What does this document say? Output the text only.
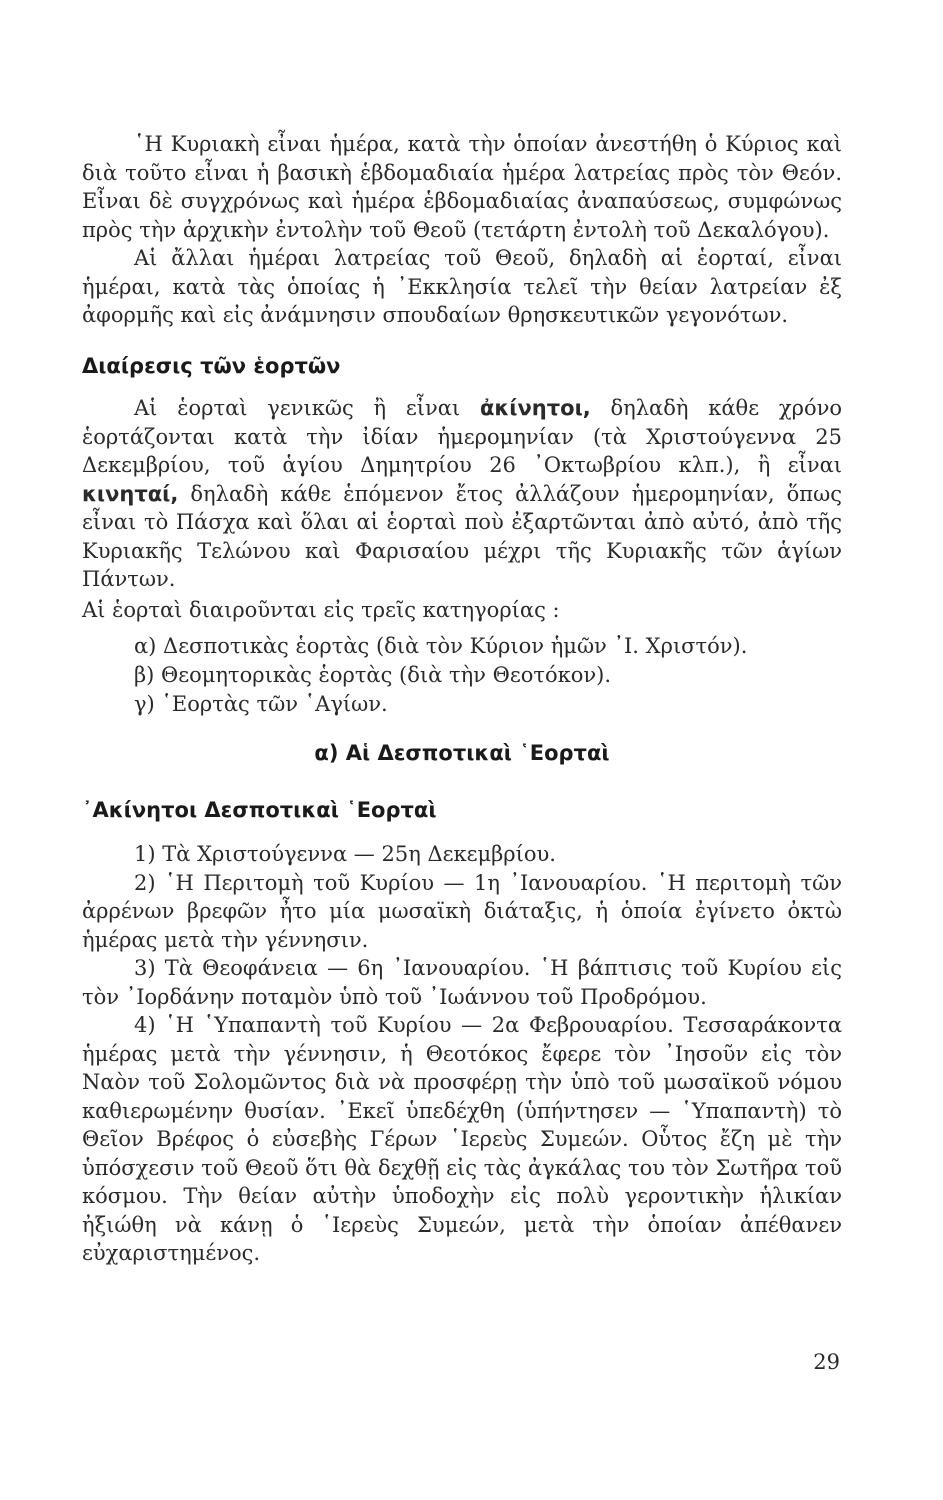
῾Η Κυριακὴ εἶναι ἡμέρα, κατὰ τὴν ὁποίαν ἀνεστήθη ὁ Κύριος καὶ διὰ τοῦτο εἶναι ἡ βασικὴ ἑβδομαδιαία ἡμέρα λατρείας πρὸς τὸν Θεόν. Εἶναι δὲ συγχρόνως καὶ ἡμέρα ἑβδομαδιαίας ἀναπαύσεως, συμφώνως πρὸς τὴν ἀρχικὴν ἐντολὴν τοῦ Θεοῦ (τετάρτη ἐντολὴ τοῦ Δεκαλόγου).

Αἱ ἄλλαι ἡμέραι λατρείας τοῦ Θεοῦ, δηλαδὴ αἱ ἑορταί, εἶναι ἡμέραι, κατὰ τὰς ὁποίας ἡ ᾿Εκκλησία τελεῖ τὴν θείαν λατρείαν ἐξ ἀφορμῆς καὶ εἰς ἀνάμνησιν σπουδαίων θρησκευτικῶν γεγονότων.

Διαίρεσις τῶν ἑορτῶν

Αἱ ἑορταὶ γενικῶς ἢ εἶναι ἀκίνητοι, δηλαδὴ κάθε χρόνο ἑορτάζονται κατὰ τὴν ἰδίαν ἡμερομηνίαν (τὰ Χριστούγεννα 25 Δεκεμβρίου, τοῦ ἁγίου Δημητρίου 26 ᾿Οκτωβρίου κλπ.), ἢ εἶναι κινηταί, δηλαδὴ κάθε ἑπόμενον ἔτος ἀλλάζουν ἡμερομηνίαν, ὅπως εἶναι τὸ Πάσχα καὶ ὅλαι αἱ ἑορταὶ ποὺ ἐξαρτῶνται ἀπὸ αὐτό, ἀπὸ τῆς Κυριακῆς Τελώνου καὶ Φαρισαίου μέχρι τῆς Κυριακῆς τῶν ἁγίων Πάντων.

Αἱ ἑορταὶ διαιροῦνται εἰς τρεῖς κατηγορίας :

α) Δεσποτικὰς ἑορτὰς (διὰ τὸν Κύριον ἡμῶν ᾿Ι. Χριστόν).

β) Θεομητορικὰς ἑορτὰς (διὰ τὴν Θεοτόκον).

γ) ῾Εορτὰς τῶν ῾Αγίων.

α) Αἱ Δεσποτικαὶ ῾Εορταὶ

᾿Ακίνητοι Δεσποτικαὶ ῾Εορταὶ

1) Τὰ Χριστούγεννα — 25η Δεκεμβρίου.

2) ῾Η Περιτομὴ τοῦ Κυρίου — 1η ᾿Ιανουαρίου. ῾Η περιτομὴ τῶν ἀρρένων βρεφῶν ἦτο μία μωσαϊκὴ διάταξις, ἡ ὁποία ἐγίνετο ὀκτὼ ἡμέρας μετὰ τὴν γέννησιν.

3) Τὰ Θεοφάνεια — 6η ᾿Ιανουαρίου. ῾Η βάπτισις τοῦ Κυρίου εἰς τὸν ᾿Ιορδάνην ποταμὸν ὑπὸ τοῦ ᾿Ιωάννου τοῦ Προδρόμου.

4) ῾Η ῾Υπαπαντὴ τοῦ Κυρίου — 2α Φεβρουαρίου. Τεσσαράκοντα ἡμέρας μετὰ τὴν γέννησιν, ἡ Θεοτόκος ἔφερε τὸν ᾿Ιησοῦν εἰς τὸν Ναὸν τοῦ Σολομῶντος διὰ νὰ προσφέρῃ τὴν ὑπὸ τοῦ μωσαϊκοῦ νόμου καθιερωμένην θυσίαν. ᾿Εκεῖ ὑπεδέχθη (ὑπήντησεν — ῾Υπαπαντὴ) τὸ Θεῖον Βρέφος ὁ εὐσεβὴς Γέρων ῾Ιερεὺς Συμεών. Οὗτος ἔζη μὲ τὴν ὑπόσχεσιν τοῦ Θεοῦ ὅτι θὰ δεχθῇ εἰς τὰς ἀγκάλας του τὸν Σωτῆρα τοῦ κόσμου. Τὴν θείαν αὐτὴν ὑποδοχὴν εἰς πολὺ γεροντικὴν ἡλικίαν ἠξιώθη νὰ κάνῃ ὁ ῾Ιερεὺς Συμεών, μετὰ τὴν ὁποίαν ἀπέθανεν εὐχαριστημένος.

29
